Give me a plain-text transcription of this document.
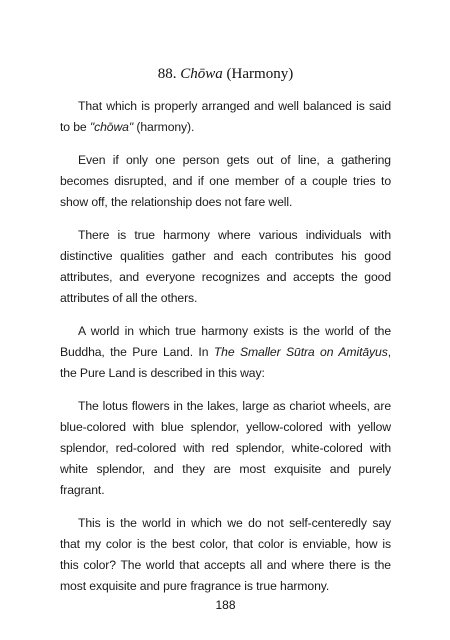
88. Chōwa (Harmony)

That which is properly arranged and well balanced is said to be "chōwa" (harmony).

Even if only one person gets out of line, a gathering becomes disrupted, and if one member of a couple tries to show off, the relationship does not fare well.

There is true harmony where various individuals with distinctive qualities gather and each contributes his good attributes, and everyone recognizes and accepts the good attributes of all the others.

A world in which true harmony exists is the world of the Buddha, the Pure Land. In The Smaller Sūtra on Amitāyus, the Pure Land is described in this way:

The lotus flowers in the lakes, large as chariot wheels, are blue-colored with blue splendor, yellow-colored with yellow splendor, red-colored with red splendor, white-colored with white splendor, and they are most exquisite and purely fragrant.

This is the world in which we do not self-centeredly say that my color is the best color, that color is enviable, how is this color? The world that accepts all and where there is the most exquisite and pure fragrance is true harmony.

188
